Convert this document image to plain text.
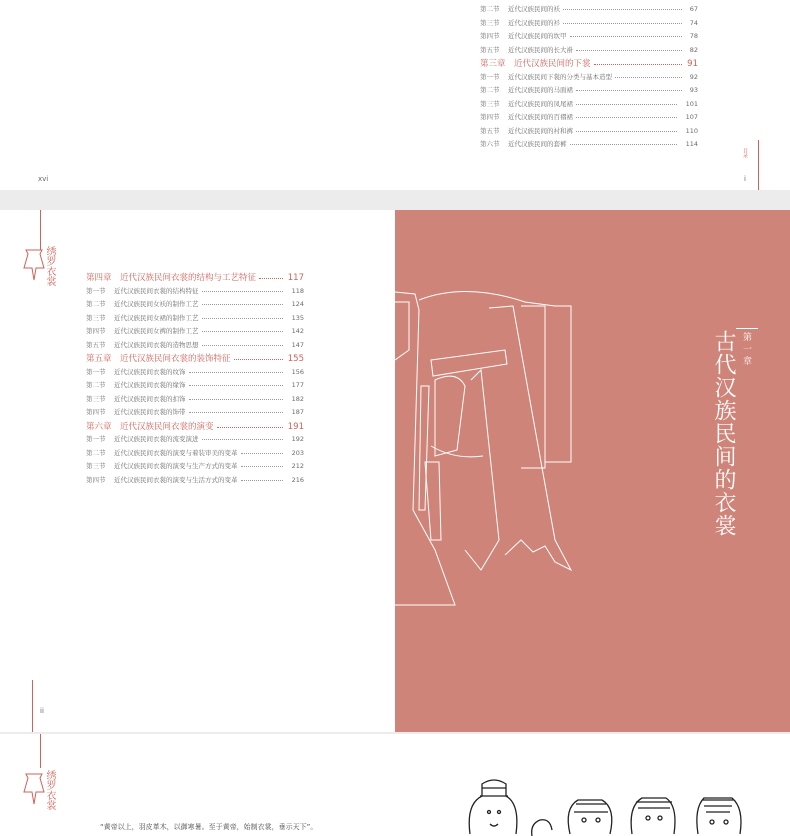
第二节 近代汉族民间的袄	67
第三节 近代汉族民间的衫	74
第四节 近代汉族民间的坎甲	78
第五节 近代汉族民间的长大褂	82
第三章 近代汉族民间的下裳	91
第一节 近代汉族民间下裳的分类与基本造型	92
第二节 近代汉族民间的马面裙	93
第三节 近代汉族民间的凤尾裙	101
第四节 近代汉族民间的百褶裙	107
第五节 近代汉族民间的衬和裤	110
第六节 近代汉族民间的套裤	114
xvi	i
目录
绣罗衣裳	第四章 近代汉族民间衣裳的结构与工艺特征	117
第一节 近代汉族民间衣裳的结构特征	118
第二节 近代汉族民间女袄的制作工艺	124
第三节 近代汉族民间女裙的制作工艺	135
第四节 近代汉族民间女裤的制作工艺	142
第五节 近代汉族民间衣裳的造物思想	147
第五章 近代汉族民间衣裳的装饰特征	155
第一节 近代汉族民间衣裳的纹饰	156
第二节 近代汉族民间衣裳的缘饰	177
第三节 近代汉族民间衣裳的扣饰	182
第四节 近代汉族民间衣裳的饰带	187
第六章 近代汉族民间衣裳的演变	191
第一节 近代汉族民间衣裳的流变演进	192
第二节 近代汉族民间衣裳的演变与着装审美的变革	203
第三节 近代汉族民间衣裳的演变与生产方式的变革	212
第四节 近代汉族民间衣裳的演变与生活方式的变革	216
ii
第一章
古代汉族民间的衣裳
绣罗衣裳
“黄帝以上，羽皮革木，以御寒暑。至于黄帝，始制衣裳，垂示天下”。
